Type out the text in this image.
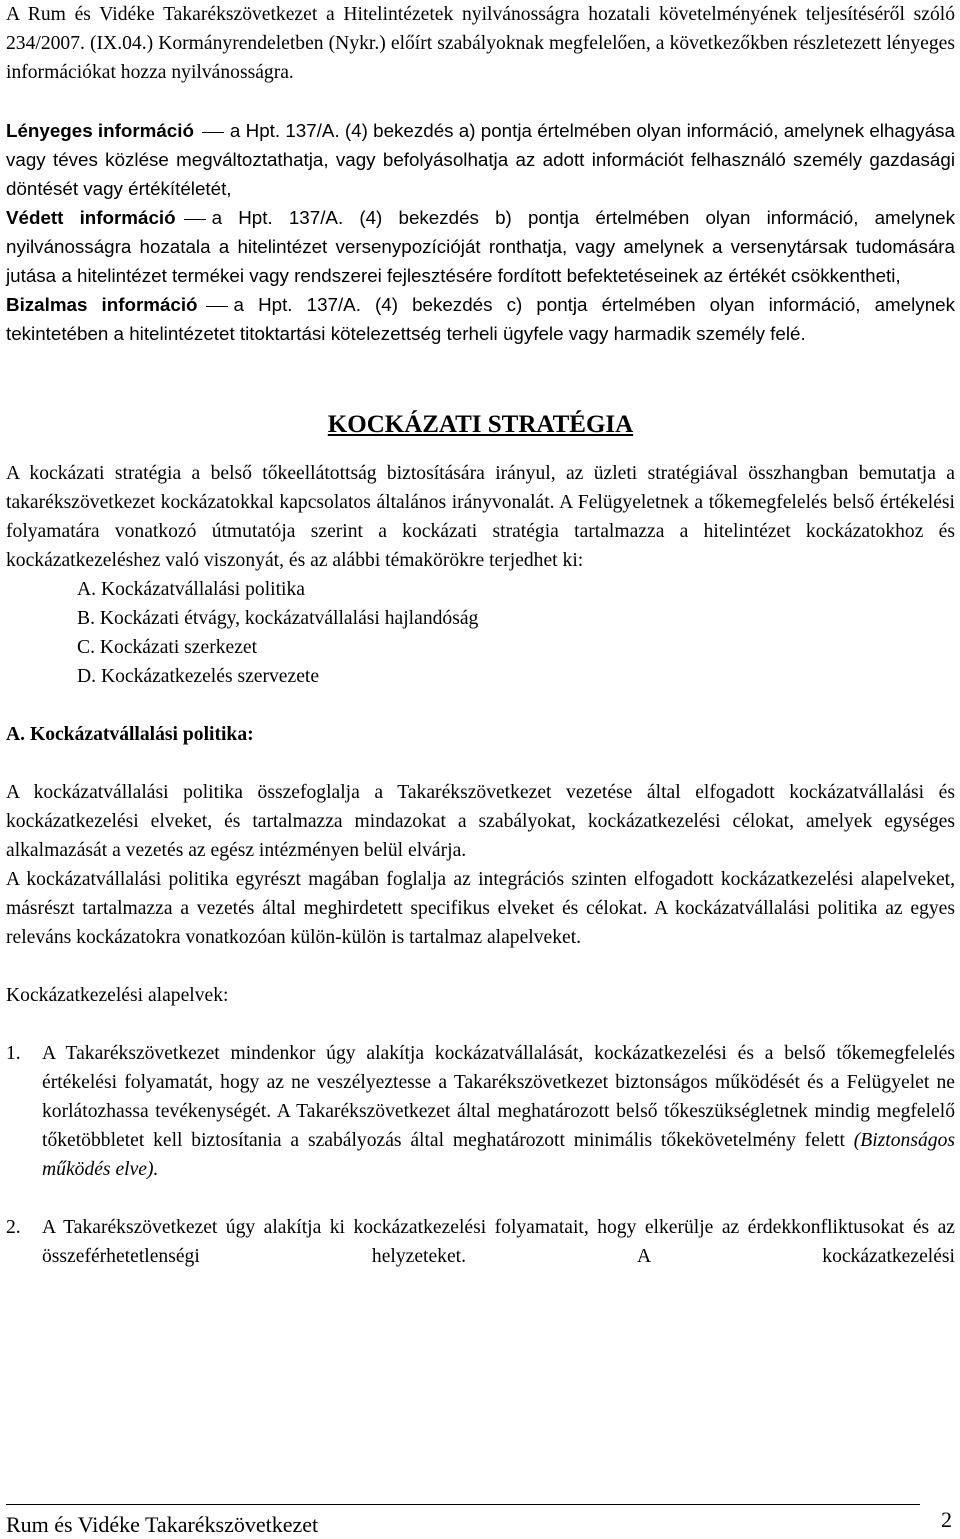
A Rum és Vidéke Takarékszövetkezet a Hitelintézetek nyilvánosságra hozatali követelményének teljesítéséről szóló 234/2007. (IX.04.) Kormányrendeletben (Nykr.) előírt szabályoknak megfelelően, a következőkben részletezett lényeges információkat hozza nyilvánosságra.

Lényeges információ a Hpt. 137/A. (4) bekezdés a) pontja értelmében olyan információ, amelynek elhagyása vagy téves közlése megváltoztathatja, vagy befolyásolhatja az adott információt felhasználó személy gazdasági döntését vagy értékítéletét,

Védett információ a Hpt. 137/A. (4) bekezdés b) pontja értelmében olyan információ, amelynek nyilvánosságra hozatala a hitelintézet versenypozícióját ronthatja, vagy amelynek a versenytársak tudomására jutása a hitelintézet termékei vagy rendszerei fejlesztésére fordított befektetéseinek az értékét csökkentheti,

Bizalmas információ a Hpt. 137/A. (4) bekezdés c) pontja értelmében olyan információ, amelynek tekintetében a hitelintézetet titoktartási kötelezettség terheli ügyfele vagy harmadik személy felé.

KOCKÁZATI STRATÉGIA

A kockázati stratégia a belső tőkeellátottság biztosítására irányul, az üzleti stratégiával összhangban bemutatja a takarékszövetkezet kockázatokkal kapcsolatos általános irányvonalát. A Felügyeletnek a tőkemegfelelés belső értékelési folyamatára vonatkozó útmutatója szerint a kockázati stratégia tartalmazza a hitelintézet kockázatokhoz és kockázatkezeléshez való viszonyát, és az alábbi témakörökre terjedhet ki:

A. Kockázatvállalási politika

B. Kockázati étvágy, kockázatvállalási hajlandóság

C. Kockázati szerkezet

D. Kockázatkezelés szervezete

A. Kockázatvállalási politika:

A kockázatvállalási politika összefoglalja a Takarékszövetkezet vezetése által elfogadott kockázatvállalási és kockázatkezelési elveket, és tartalmazza mindazokat a szabályokat, kockázatkezelési célokat, amelyek egységes alkalmazását a vezetés az egész intézményen belül elvárja.

A kockázatvállalási politika egyrészt magában foglalja az integrációs szinten elfogadott kockázatkezelési alapelveket, másrészt tartalmazza a vezetés által meghirdetett specifikus elveket és célokat. A kockázatvállalási politika az egyes releváns kockázatokra vonatkozóan külön-külön is tartalmaz alapelveket.

Kockázatkezelési alapelvek:

1.	A Takarékszövetkezet mindenkor úgy alakítja kockázatvállalását, kockázatkezelési és a belső tőkemegfelelés értékelési folyamatát, hogy az ne veszélyeztesse a Takarékszövetkezet biztonságos működését és a Felügyelet ne korlátozhassa tevékenységét. A Takarékszövetkezet által meghatározott belső tőkeszükségletnek mindig megfelelő tőketöbbletet kell biztosítania a szabályozás által meghatározott minimális tőkekövetelmény felett (Biztonságos működés elve).
2.	A Takarékszövetkezet úgy alakítja ki kockázatkezelési folyamatait, hogy elkerülje az érdekkonfliktusokat és az összeférhetetlenségi helyzeteket. A kockázatkezelési
Rum és Vidéke Takarékszövetkezet	2
